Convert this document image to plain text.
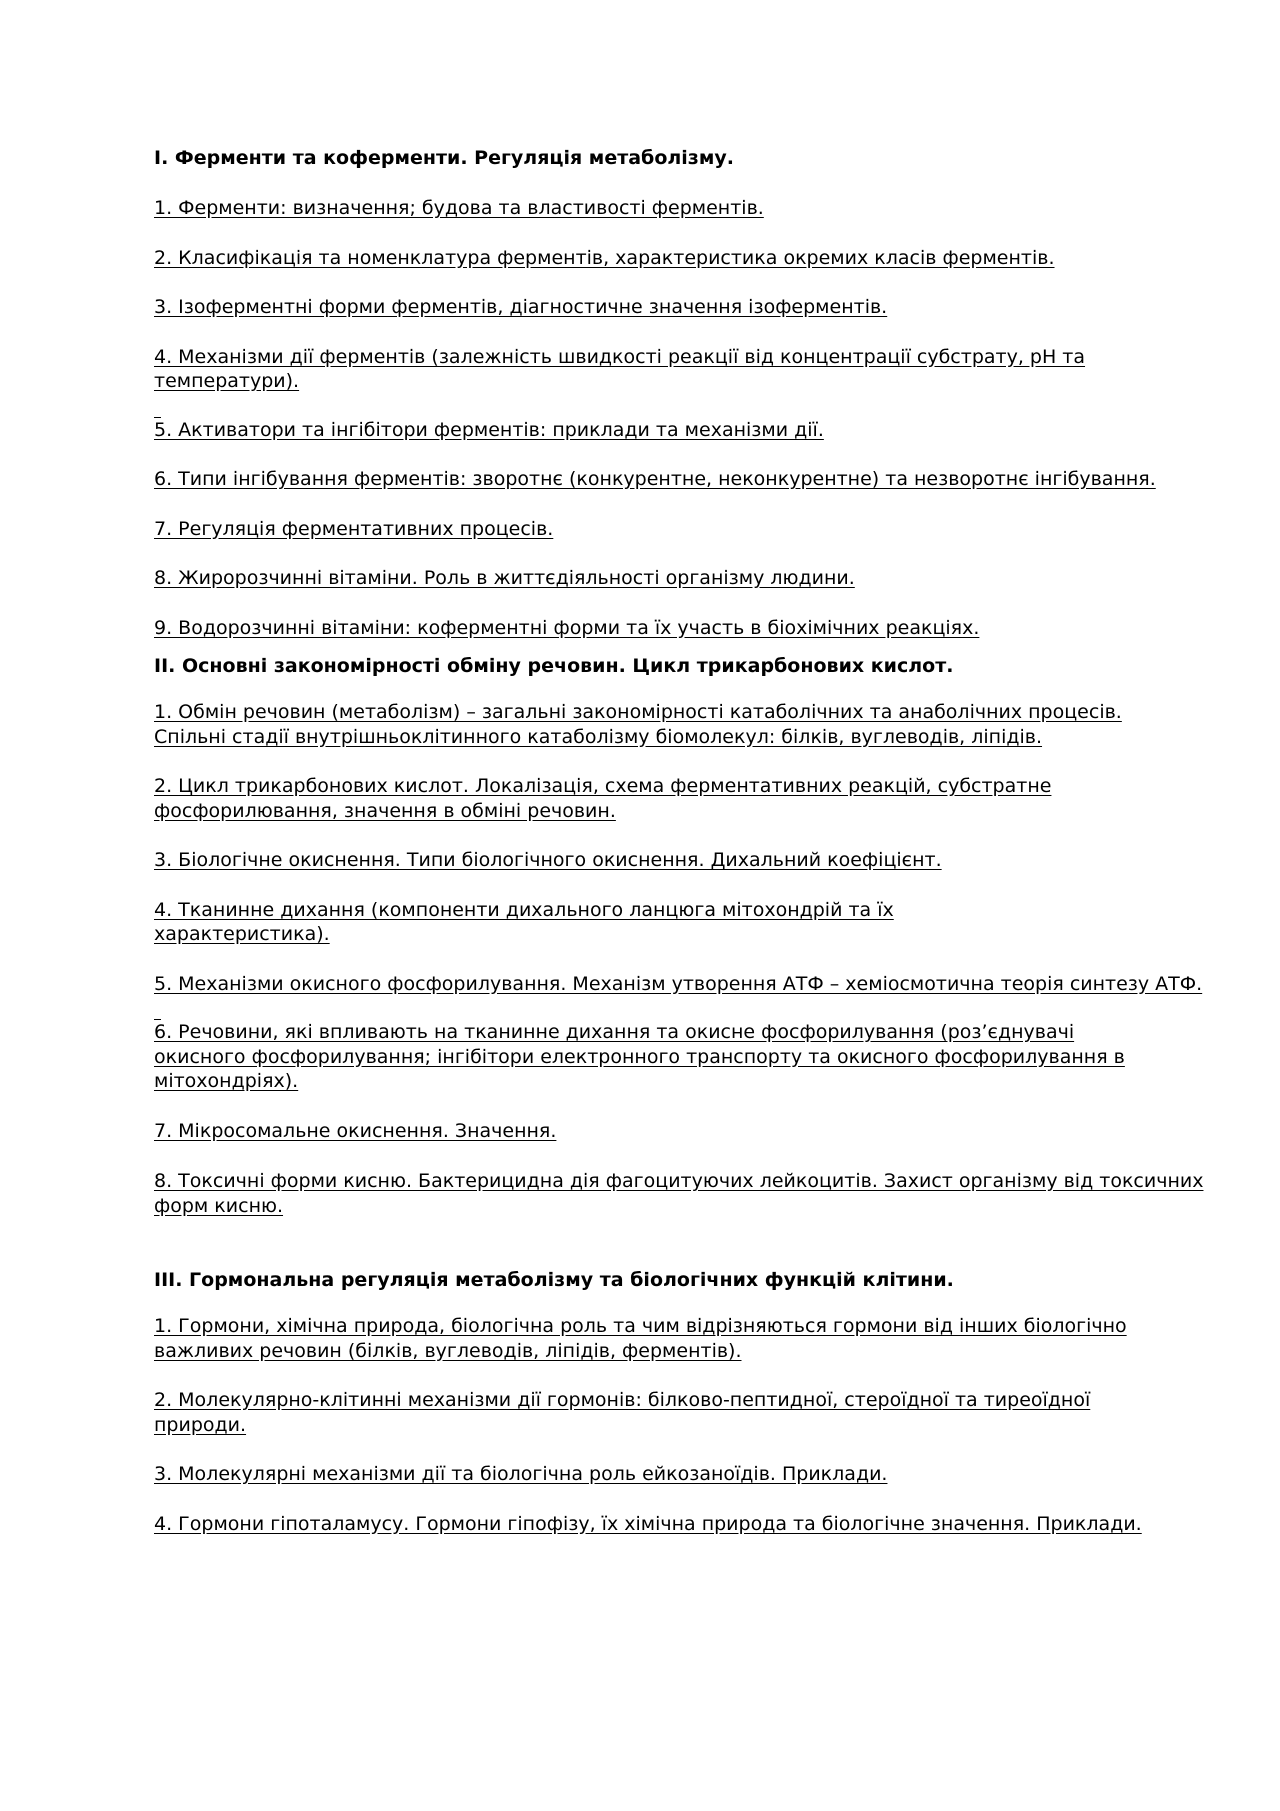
І. Ферменти та коферменти. Регуляція метаболізму.
1. Ферменти: визначення; будова та властивості ферментів.
2. Класифікація та номенклатура ферментів, характеристика окремих класів ферментів.
3. Ізоферментні форми ферментів, діагностичне значення ізоферментів.
4. Механізми дії ферментів (залежність швидкості реакції від концентрації субстрату, рН та температури).
5. Активатори та інгібітори ферментів: приклади та механізми дії.
6. Типи інгібування ферментів: зворотнє (конкурентне, неконкурентне) та незворотнє інгібування.
7. Регуляція ферментативних процесів.
8. Жиророзчинні вітаміни. Роль в життєдіяльності організму людини.
9. Водорозчинні вітаміни: коферментні форми та їх участь в біохімічних реакціях.
ІІ. Основні закономірності обміну речовин. Цикл трикарбонових кислот.
1. Обмін речовин (метаболізм) – загальні закономірності катаболічних та анаболічних процесів. Спільні стадії внутрішньоклітинного катаболізму біомолекул: білків, вуглеводів, ліпідів.
2. Цикл трикарбонових кислот. Локалізація, схема ферментативних реакцій, субстратне фосфорилювання, значення в обміні речовин.
3. Біологічне окиснення. Типи біологічного окиснення. Дихальний коефіцієнт.
4. Тканинне дихання (компоненти дихального ланцюга мітохондрій та їх характеристика).
5. Механізми окисного фосфорилування. Механізм утворення АТФ – хеміосмотична теорія синтезу АТФ.
6. Речовини, які впливають на тканинне дихання та окисне фосфорилування (роз’єднувачі окисного фосфорилування; інгібітори електронного транспорту та окисного фосфорилування в мітохондріях).
7. Мікросомальне окиснення. Значення.
8. Токсичні форми кисню. Бактерицидна дія фагоцитуючих лейкоцитів. Захист організму від токсичних форм кисню.
ІІІ. Гормональна регуляція метаболізму та біологічних функцій клітини.
1. Гормони, хімічна природа, біологічна роль та чим відрізняються гормони від інших біологічно важливих речовин (білків, вуглеводів, ліпідів, ферментів).
2. Молекулярно-клітинні механізми дії гормонів: білково-пептидної, стероїдної та тиреоїдної природи.
3. Молекулярні механізми дії та біологічна роль ейкозаноїдів. Приклади.
4. Гормони гіпоталамусу. Гормони гіпофізу, їх хімічна природа та біологічне значення. Приклади.
